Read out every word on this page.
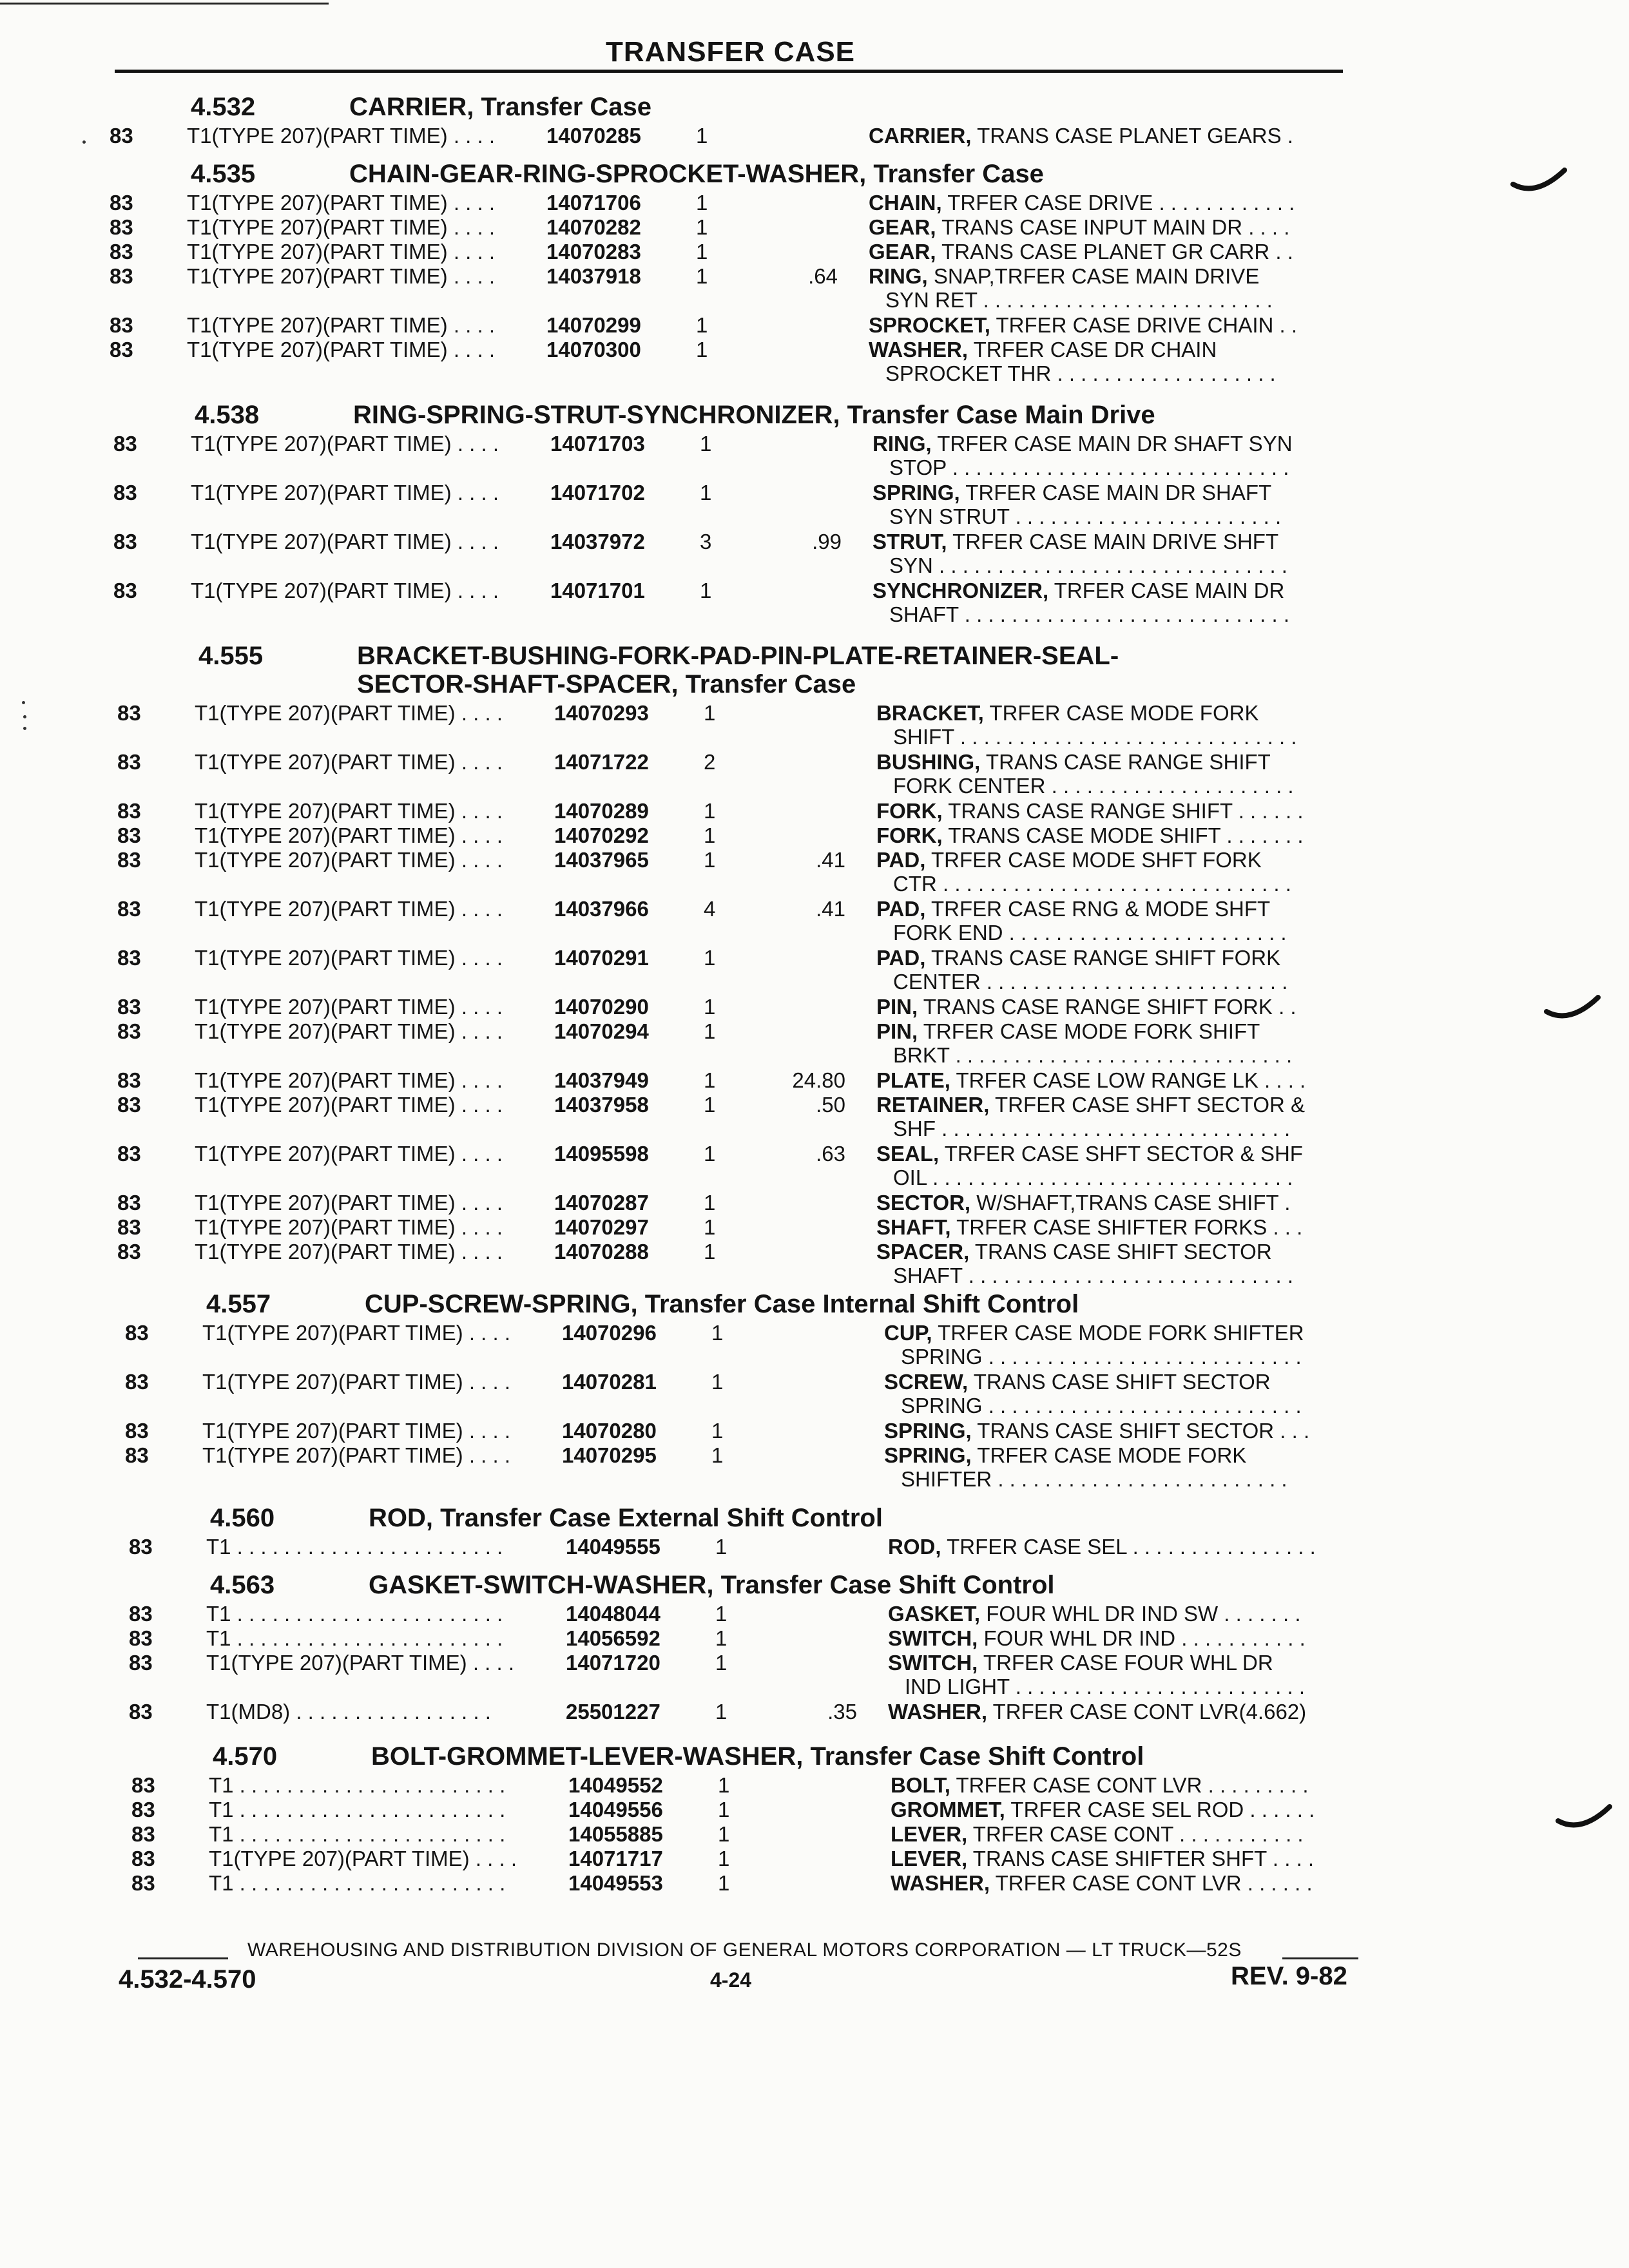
TRANSFER CASE
4.532	CARRIER, Transfer Case
83	T1(TYPE 207)(PART TIME) . . . .	14070285	1	CARRIER, TRANS CASE PLANET GEARS .
4.535	CHAIN-GEAR-RING-SPROCKET-WASHER, Transfer Case
83	T1(TYPE 207)(PART TIME) . . . .	14071706	1	CHAIN, TRFER CASE DRIVE . . . . . . . . . . . .
83	T1(TYPE 207)(PART TIME) . . . .	14070282	1	GEAR, TRANS CASE INPUT MAIN DR . . . .
83	T1(TYPE 207)(PART TIME) . . . .	14070283	1	GEAR, TRANS CASE PLANET GR CARR . .
83	T1(TYPE 207)(PART TIME) . . . .	14037918	1	.64 RING, SNAP,TRFER CASE MAIN DRIVE
SYN RET . . . . . . . . . . . . . . . . . . . . . . . . .
83	T1(TYPE 207)(PART TIME) . . . .	14070299	1	SPROCKET, TRFER CASE DRIVE CHAIN . .
83	T1(TYPE 207)(PART TIME) . . . .	14070300	1	WASHER, TRFER CASE DR CHAIN
SPROCKET THR . . . . . . . . . . . . . . . . . . .
4.538	RING-SPRING-STRUT-SYNCHRONIZER, Transfer Case Main Drive
83	T1(TYPE 207)(PART TIME) . . . .	14071703	1	RING, TRFER CASE MAIN DR SHAFT SYN
STOP . . . . . . . . . . . . . . . . . . . . . . . . . . . . .
83	T1(TYPE 207)(PART TIME) . . . .	14071702	1	SPRING, TRFER CASE MAIN DR SHAFT
SYN STRUT . . . . . . . . . . . . . . . . . . . . . . .
83	T1(TYPE 207)(PART TIME) . . . .	14037972	3	.99 STRUT, TRFER CASE MAIN DRIVE SHFT
SYN . . . . . . . . . . . . . . . . . . . . . . . . . . . . . .
83	T1(TYPE 207)(PART TIME) . . . .	14071701	1	SYNCHRONIZER, TRFER CASE MAIN DR
SHAFT . . . . . . . . . . . . . . . . . . . . . . . . . . . .
4.555	BRACKET-BUSHING-FORK-PAD-PIN-PLATE-RETAINER-SEAL-
SECTOR-SHAFT-SPACER, Transfer Case
83	T1(TYPE 207)(PART TIME) . . . .	14070293	1	BRACKET, TRFER CASE MODE FORK
SHIFT . . . . . . . . . . . . . . . . . . . . . . . . . . . . .
83	T1(TYPE 207)(PART TIME) . . . .	14071722	2	BUSHING, TRANS CASE RANGE SHIFT
FORK CENTER . . . . . . . . . . . . . . . . . . . . .
83	T1(TYPE 207)(PART TIME) . . . .	14070289	1	FORK, TRANS CASE RANGE SHIFT . . . . . .
83	T1(TYPE 207)(PART TIME) . . . .	14070292	1	FORK, TRANS CASE MODE SHIFT . . . . . . .
83	T1(TYPE 207)(PART TIME) . . . .	14037965	1	.41 PAD, TRFER CASE MODE SHFT FORK
CTR . . . . . . . . . . . . . . . . . . . . . . . . . . . . . .
83	T1(TYPE 207)(PART TIME) . . . .	14037966	4	.41 PAD, TRFER CASE RNG & MODE SHFT
FORK END . . . . . . . . . . . . . . . . . . . . . . . .
83	T1(TYPE 207)(PART TIME) . . . .	14070291	1	PAD, TRANS CASE RANGE SHIFT FORK
CENTER . . . . . . . . . . . . . . . . . . . . . . . . . .
83	T1(TYPE 207)(PART TIME) . . . .	14070290	1	PIN, TRANS CASE RANGE SHIFT FORK . .
83	T1(TYPE 207)(PART TIME) . . . .	14070294	1	PIN, TRFER CASE MODE FORK SHIFT
BRKT . . . . . . . . . . . . . . . . . . . . . . . . . . . . .
83	T1(TYPE 207)(PART TIME) . . . .	14037949	1	24.80 PLATE, TRFER CASE LOW RANGE LK . . . .
83	T1(TYPE 207)(PART TIME) . . . .	14037958	1	.50 RETAINER, TRFER CASE SHFT SECTOR &
SHF . . . . . . . . . . . . . . . . . . . . . . . . . . . . . .
83	T1(TYPE 207)(PART TIME) . . . .	14095598	1	.63 SEAL, TRFER CASE SHFT SECTOR & SHF
OIL . . . . . . . . . . . . . . . . . . . . . . . . . . . . . . .
83	T1(TYPE 207)(PART TIME) . . . .	14070287	1	SECTOR, W/SHAFT,TRANS CASE SHIFT .
83	T1(TYPE 207)(PART TIME) . . . .	14070297	1	SHAFT, TRFER CASE SHIFTER FORKS . . .
83	T1(TYPE 207)(PART TIME) . . . .	14070288	1	SPACER, TRANS CASE SHIFT SECTOR
SHAFT . . . . . . . . . . . . . . . . . . . . . . . . . . . .
4.557	CUP-SCREW-SPRING, Transfer Case Internal Shift Control
83	T1(TYPE 207)(PART TIME) . . . .	14070296	1	CUP, TRFER CASE MODE FORK SHIFTER
SPRING . . . . . . . . . . . . . . . . . . . . . . . . . . .
83	T1(TYPE 207)(PART TIME) . . . .	14070281	1	SCREW, TRANS CASE SHIFT SECTOR
SPRING . . . . . . . . . . . . . . . . . . . . . . . . . . .
83	T1(TYPE 207)(PART TIME) . . . .	14070280	1	SPRING, TRANS CASE SHIFT SECTOR . . .
83	T1(TYPE 207)(PART TIME) . . . .	14070295	1	SPRING, TRFER CASE MODE FORK
SHIFTER . . . . . . . . . . . . . . . . . . . . . . . . .
4.560	ROD, Transfer Case External Shift Control
83	T1 . . . . . . . . . . . . . . . . . . . . . . .	14049555	1	ROD, TRFER CASE SEL . . . . . . . . . . . . . . . .
4.563	GASKET-SWITCH-WASHER, Transfer Case Shift Control
83	T1 . . . . . . . . . . . . . . . . . . . . . . .	14048044	1	GASKET, FOUR WHL DR IND SW . . . . . . .
83	T1 . . . . . . . . . . . . . . . . . . . . . . .	14056592	1	SWITCH, FOUR WHL DR IND . . . . . . . . . . .
83	T1(TYPE 207)(PART TIME) . . . .	14071720	1	SWITCH, TRFER CASE FOUR WHL DR
IND LIGHT . . . . . . . . . . . . . . . . . . . . . . . . .
83	T1(MD8) . . . . . . . . . . . . . . . . .	25501227	1	.35 WASHER, TRFER CASE CONT LVR(4.662)
4.570	BOLT-GROMMET-LEVER-WASHER, Transfer Case Shift Control
83	T1 . . . . . . . . . . . . . . . . . . . . . . .	14049552	1	BOLT, TRFER CASE CONT LVR . . . . . . . . .
83	T1 . . . . . . . . . . . . . . . . . . . . . . .	14049556	1	GROMMET, TRFER CASE SEL ROD . . . . . .
83	T1 . . . . . . . . . . . . . . . . . . . . . . .	14055885	1	LEVER, TRFER CASE CONT . . . . . . . . . . .
83	T1(TYPE 207)(PART TIME) . . . .	14071717	1	LEVER, TRANS CASE SHIFTER SHFT . . . .
83	T1 . . . . . . . . . . . . . . . . . . . . . . .	14049553	1	WASHER, TRFER CASE CONT LVR . . . . . .
WAREHOUSING AND DISTRIBUTION DIVISION OF GENERAL MOTORS CORPORATION — LT TRUCK—52S
4.532-4.570	4-24	REV. 9-82
